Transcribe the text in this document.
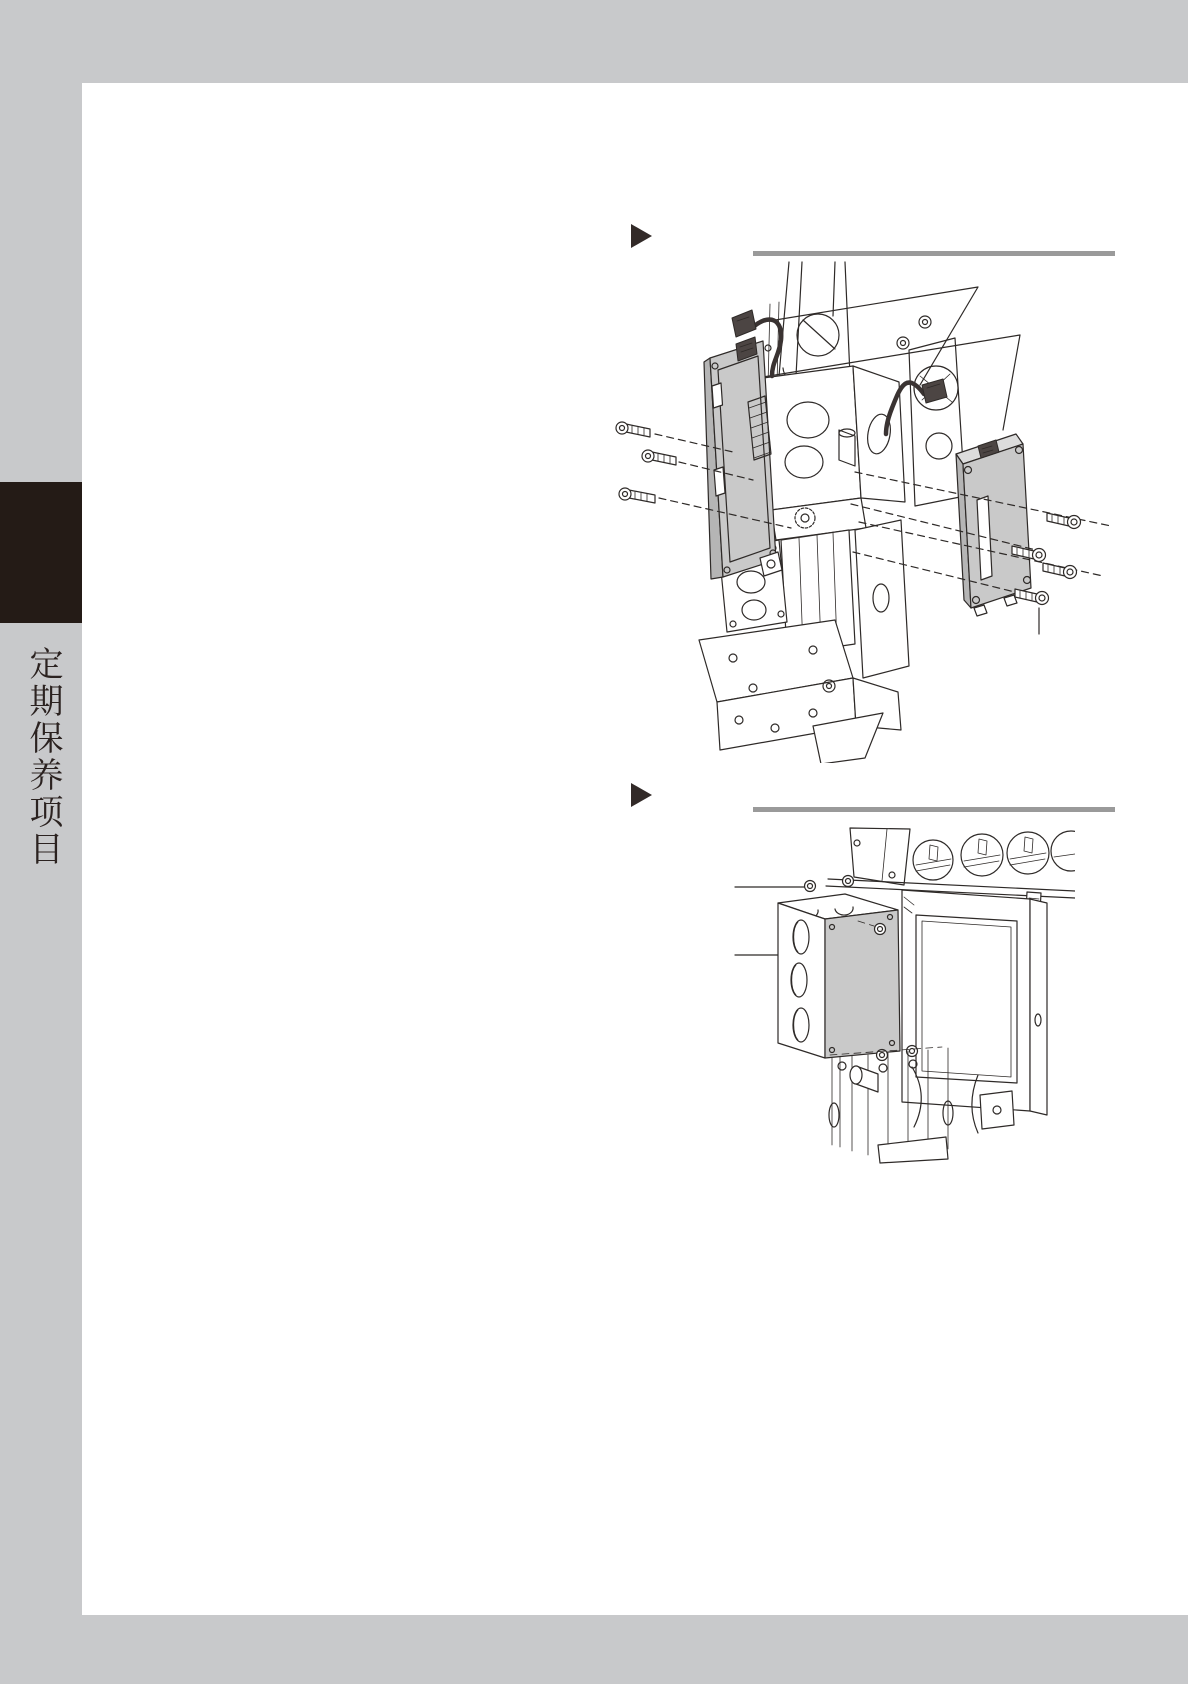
定期保养项目
